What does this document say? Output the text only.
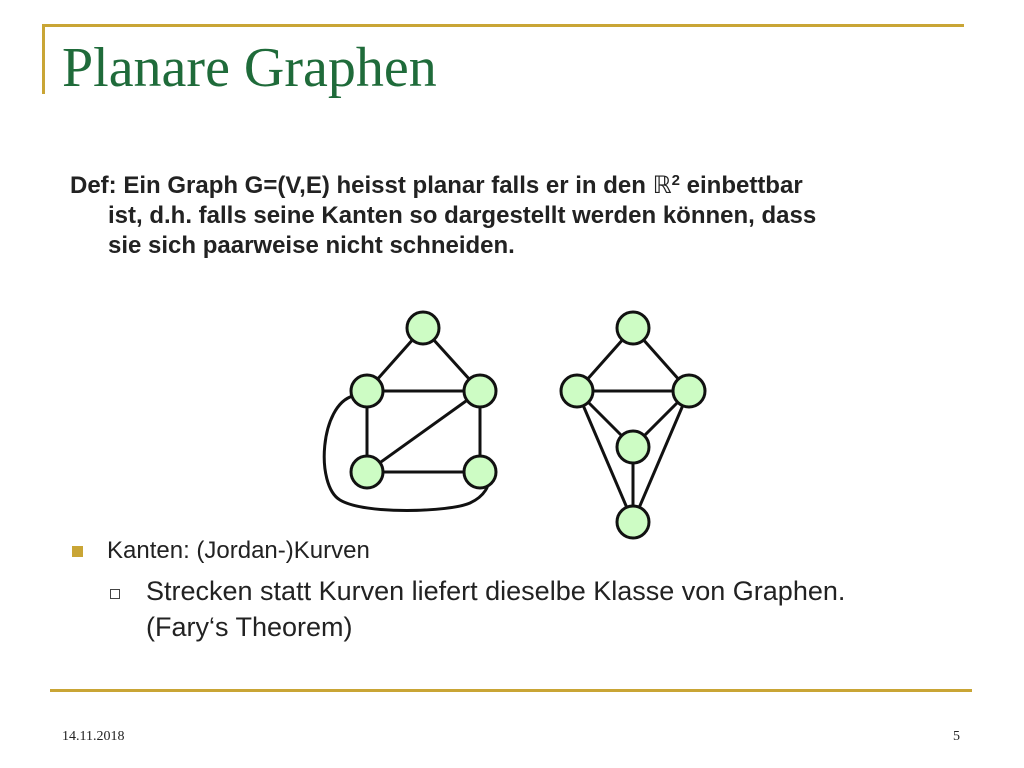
Planare Graphen
Def: Ein Graph G=(V,E) heisst planar falls er in den ℝ$^2$ einbettbar
ist, d.h. falls seine Kanten so dargestellt werden können, dass
sie sich paarweise nicht schneiden.
Kanten: (Jordan-)Kurven
Strecken statt Kurven liefert dieselbe Klasse von Graphen.
(Fary‘s Theorem)
14.11.2018	5
